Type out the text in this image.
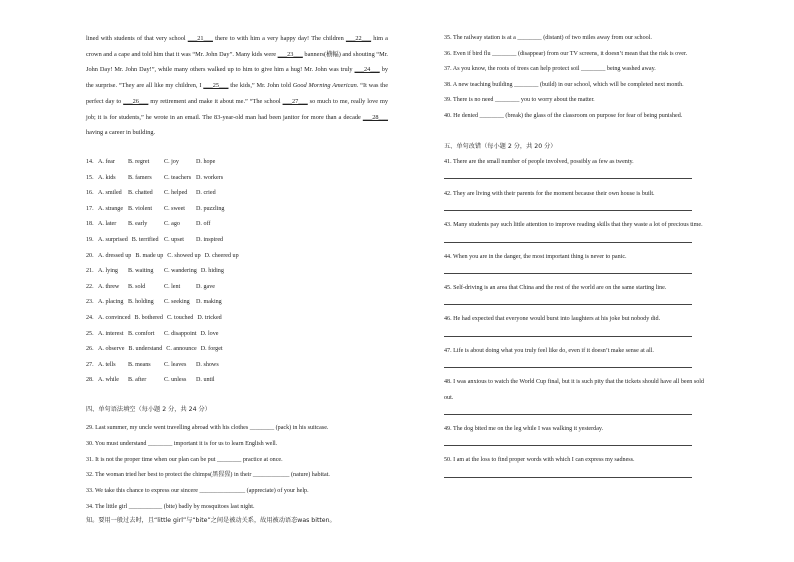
lined with students of that very school ___21___ there to with him a very happy day! The children ___22___ him a crown and a cape and told him that it was “Mr. John Day”. Many kids were ___23___ banners(横幅) and shouting “Mr. John Day! Mr. John Day!”, while many others walked up to him to give him a hug! Mr. John was truly ___24___ by the surprise. “They are all like my children, I ___25___ the kids,” Mr. John told Good Morning American. “It was the perfect day to ___26___ my retirement and make it about me.” “The school ___27___ so much to me, really love my job; it is for students,” he wrote in an email. The 83-year-old man had been janitor for more than a decade ___28___ having a career in building.
14. A. fear B. regret C. joy	D. hope
15. A. kids B. famers C. teachers D. workers
16. A. smiled B. chatted C. helped D. cried
17. A. strange B. violent C. sweet D. puzzling
18. A. later B. early	C. ago	D. off
19. A. surprised B. terrified C. upset D. inspired
20. A. dressed up B. made up C. showed up D. cheered up
21. A. lying B. waiting C. wandering D. hiding
22. A. threw B. sold	C. lent	D. gave
23. A. placing B. holding C. seeking D. making
24. A. convinced B. bothered C. touched D. tricked
25. A. interest B. comfort C. disappoint D. love
26. A. observe B. understand C. announce D. forget
27. A. tells B. means C. leaves D. shows
28. A. while B. after	C. unless D. until
四、单句语法填空（每小题 2 分，共 24 分）
29. Last summer, my uncle went travelling abroad with his clothes ________ (pack) in his suitcase.
30. You must understand ________ important it is for us to learn English well.
31. It is not the proper time when our plan can be put ________ practice at once.
32. The woman tried her best to protect the chimps(黑猩猩) in their ____________ (nature) habitat.
33. We take this chance to express our sincere _______________ (appreciate) of your help.
34. The little girl ___________ (bite) badly by mosquitoes last night.
知。要用一般过去时，且“little girl”与“bite”之间是被动关系，故用被动语态was bitten。
35. The railway station is at a ________ (distant) of two miles away from our school.
36. Even if bird flu ________ (disappear) from our TV screens, it doesn’t mean that the risk is over.
37. As you know, the roots of trees can help protect soil ________ being washed away.
38. A new teaching building ________ (build) in our school, which will be completed next month.
39. There is no need ________ you to worry about the matter.
40. He denied ________ (break) the glass of the classroom on purpose for fear of being punished.
五、单句改错（每小题 2 分，共 20 分）
41. There are the small number of people involved, possibly as few as twenty.
42. They are living with their parents for the moment because their own house is built.
43. Many students pay such little attention to improve reading skills that they waste a lot of precious time.
44. When you are in the danger, the most important thing is never to panic.
45. Self-driving is an area that China and the rest of the world are on the same starting line.
46. He had expected that everyone would burst into laughters at his joke but nobody did.
47. Life is about doing what you truly feel like do, even if it doesn’t make sense at all.
48. I was anxious to watch the World Cup final, but it is such pity that the tickets should have all been sold
out.
49. The dog bited me on the leg while I was walking it yesterday.
50. I am at the loss to find proper words with which I can express my sadness.
